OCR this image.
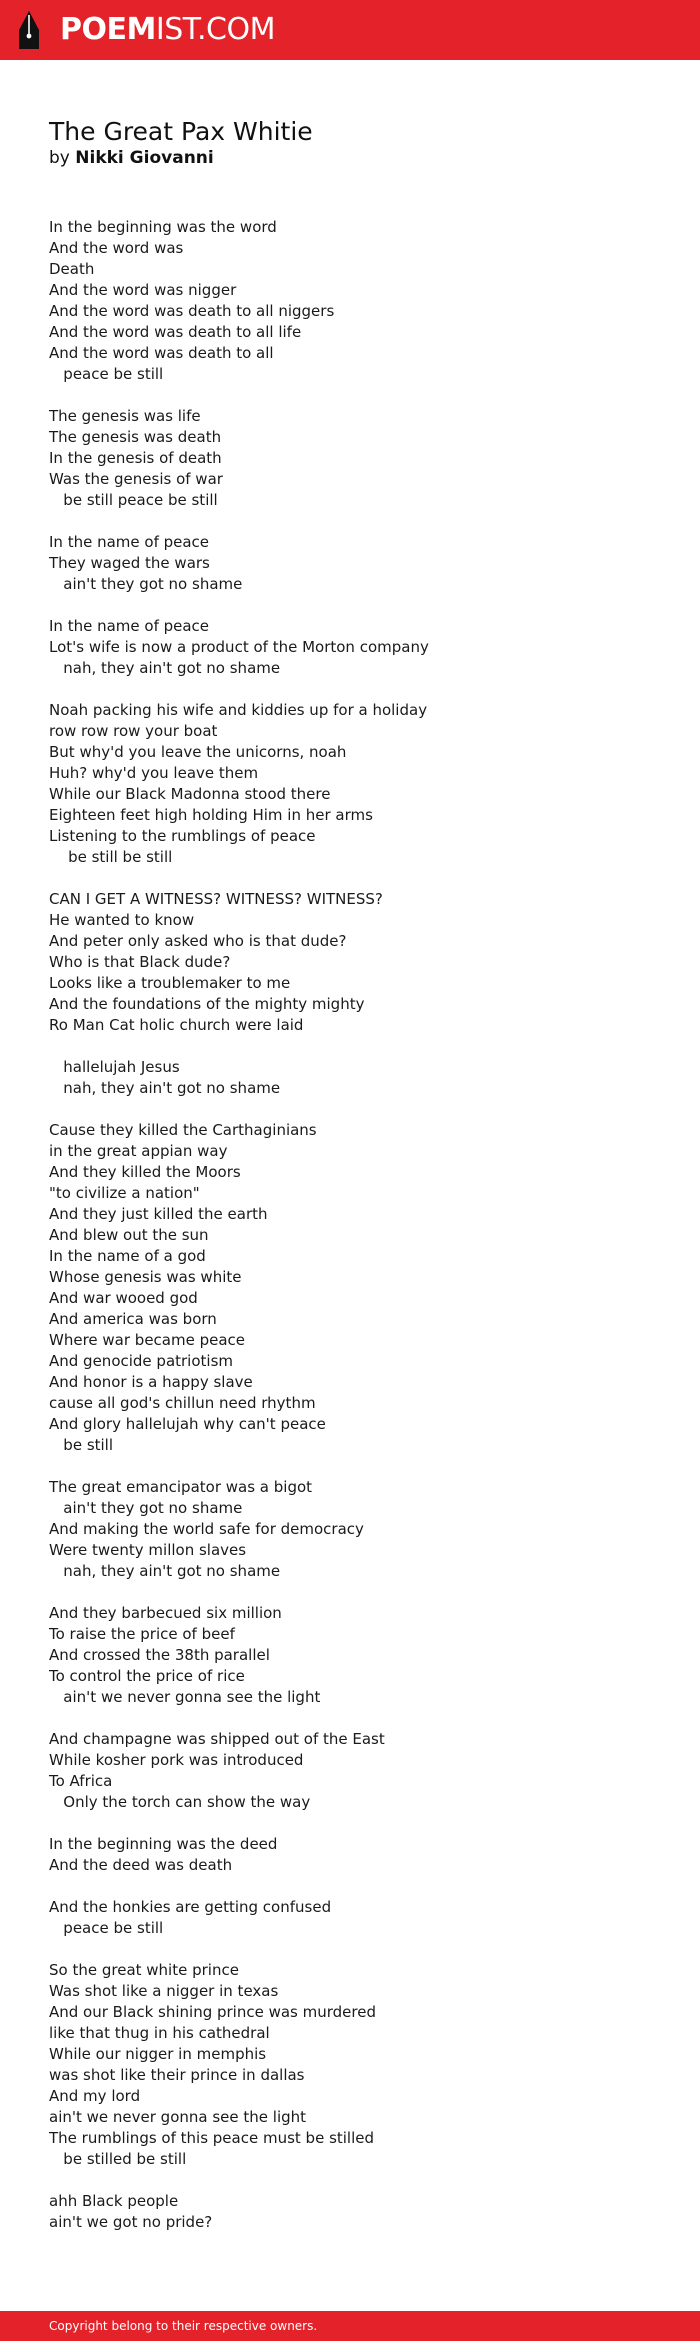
POEMIST.COM
The Great Pax Whitie
by Nikki Giovanni
In the beginning was the word
And the word was
Death
And the word was nigger
And the word was death to all niggers
And the word was death to all life
And the word was death to all
peace be still
The genesis was life
The genesis was death
In the genesis of death
Was the genesis of war
be still peace be still
In the name of peace
They waged the wars
ain't they got no shame
In the name of peace
Lot's wife is now a product of the Morton company
nah, they ain't got no shame
Noah packing his wife and kiddies up for a holiday
row row row your boat
But why'd you leave the unicorns, noah
Huh? why'd you leave them
While our Black Madonna stood there
Eighteen feet high holding Him in her arms
Listening to the rumblings of peace
be still be still
CAN I GET A WITNESS? WITNESS? WITNESS?
He wanted to know
And peter only asked who is that dude?
Who is that Black dude?
Looks like a troublemaker to me
And the foundations of the mighty mighty
Ro Man Cat holic church were laid
hallelujah Jesus
nah, they ain't got no shame
Cause they killed the Carthaginians
in the great appian way
And they killed the Moors
"to civilize a nation"
And they just killed the earth
And blew out the sun
In the name of a god
Whose genesis was white
And war wooed god
And america was born
Where war became peace
And genocide patriotism
And honor is a happy slave
cause all god's chillun need rhythm
And glory hallelujah why can't peace
be still
The great emancipator was a bigot
ain't they got no shame
And making the world safe for democracy
Were twenty millon slaves
nah, they ain't got no shame
And they barbecued six million
To raise the price of beef
And crossed the 38th parallel
To control the price of rice
ain't we never gonna see the light
And champagne was shipped out of the East
While kosher pork was introduced
To Africa
Only the torch can show the way
In the beginning was the deed
And the deed was death
And the honkies are getting confused
peace be still
So the great white prince
Was shot like a nigger in texas
And our Black shining prince was murdered
like that thug in his cathedral
While our nigger in memphis
was shot like their prince in dallas
And my lord
ain't we never gonna see the light
The rumblings of this peace must be stilled
be stilled be still
ahh Black people
ain't we got no pride?
Copyright belong to their respective owners.
